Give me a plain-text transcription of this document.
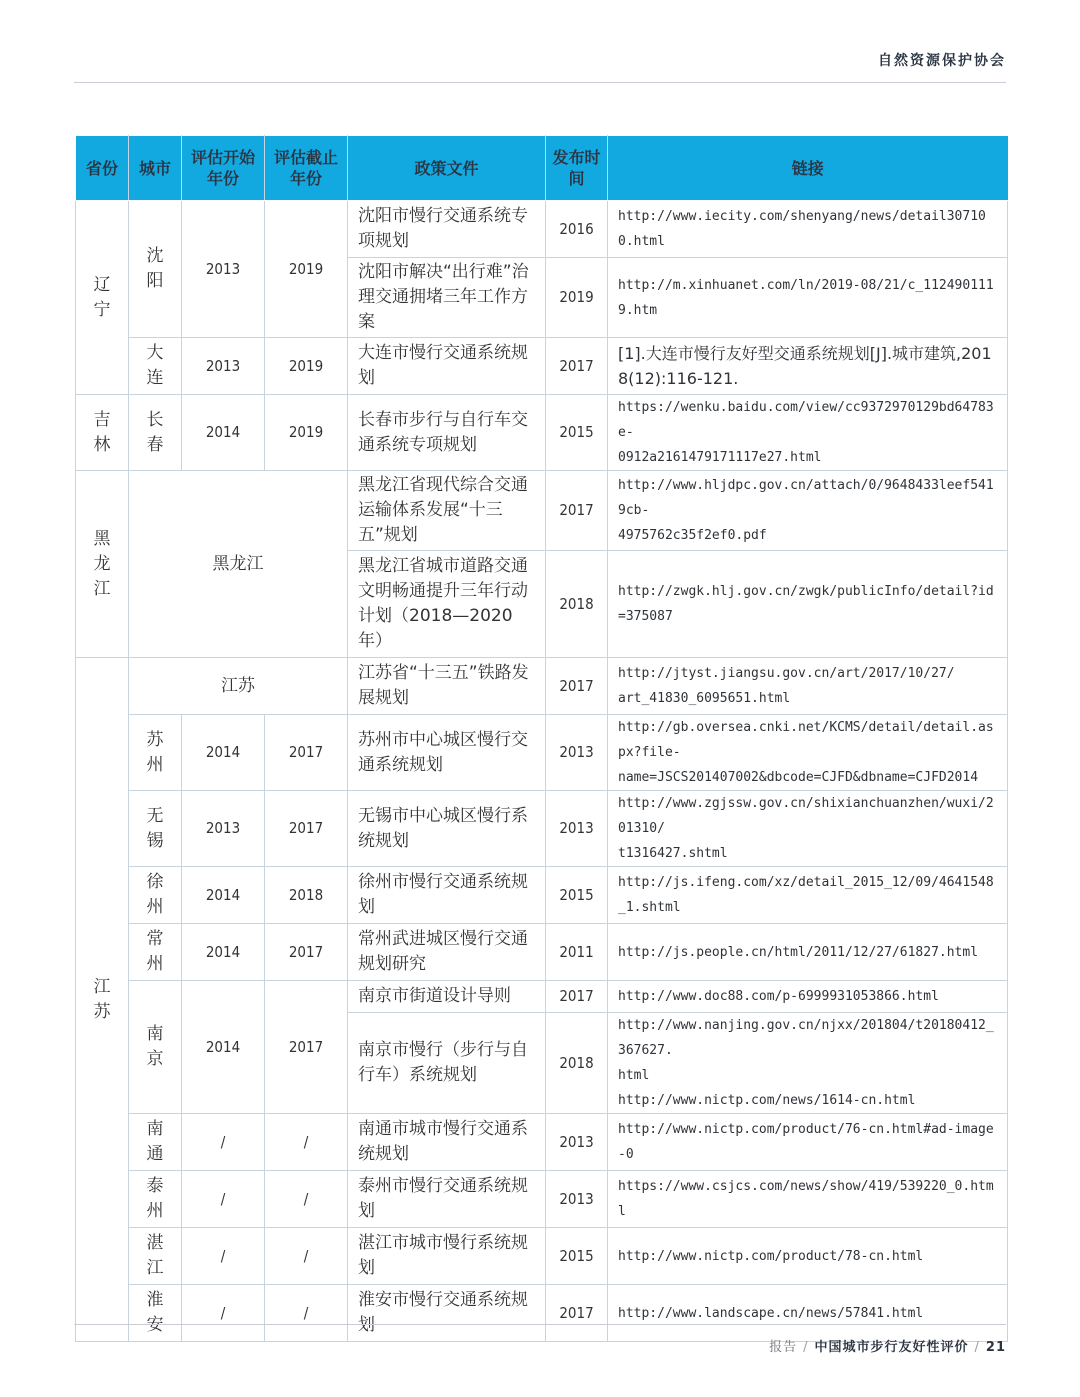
自然资源保护协会
省份	城市	评估开始年份	评估截止年份	政策文件	发布时间	链接
辽宁	沈阳	2013	2019	沈阳市慢行交通系统专项规划	2016	http://www.iecity.com/shenyang/news/detail307100.html

				沈阳市解决“出行难”治理交通拥堵三年工作方案	2019	http://m.xinhuanet.com/ln/2019-08/21/c_1124901119.htm

	大连	2013	2019	大连市慢行交通系统规划	2017	[1].大连市慢行友好型交通系统规划[J].城市建筑,2018(12):116-121.

吉林	长春	2014	2019	长春市步行与自行车交通系统专项规划	2015	https://wenku.baidu.com/view/cc9372970129bd64783e-
0912a2161479171117e27.html

黑龙江	黑龙江			黑龙江省现代综合交通运输体系发展“十三五”规划	2017	http://www.hljdpc.gov.cn/attach/0/9648433leef5419cb-
4975762c35f2ef0.pdf

				黑龙江省城市道路交通文明畅通提升三年行动计划（2018—2020年）	2018	http://zwgk.hlj.gov.cn/zwgk/publicInfo/detail?id=375087

江苏	江苏			江苏省“十三五”铁路发展规划	2017	http://jtyst.jiangsu.gov.cn/art/2017/10/27/
art_41830_6095651.html

	苏州	2014	2017	苏州市中心城区慢行交通系统规划	2013	http://gb.oversea.cnki.net/KCMS/detail/detail.aspx?file-
name=JSCS201407002&dbcode=CJFD&dbname=CJFD2014

	无锡	2013	2017	无锡市中心城区慢行系统规划	2013	http://www.zgjssw.gov.cn/shixianchuanzhen/wuxi/201310/
t1316427.shtml

	徐州	2014	2018	徐州市慢行交通系统规划	2015	http://js.ifeng.com/xz/detail_2015_12/09/4641548_1.shtml

	常州	2014	2017	常州武进城区慢行交通规划研究	2011	http://js.people.cn/html/2011/12/27/61827.html

	南京	2014	2017	南京市街道设计导则	2017	http://www.doc88.com/p-6999931053866.html

				南京市慢行（步行与自行车）系统规划	2018	http://www.nanjing.gov.cn/njxx/201804/t20180412_367627.
html
http://www.nictp.com/news/1614-cn.html

	南通	/	/	南通市城市慢行交通系统规划	2013	http://www.nictp.com/product/76-cn.html#ad-image-0

	泰州	/	/	泰州市慢行交通系统规划	2013	https://www.csjcs.com/news/show/419/539220_0.html

	湛江	/	/	湛江市城市慢行系统规划	2015	http://www.nictp.com/product/78-cn.html

	淮安	/	/	淮安市慢行交通系统规划	2017	http://www.landscape.cn/news/57841.html
报告 / 中国城市步行友好性评价 / 21
